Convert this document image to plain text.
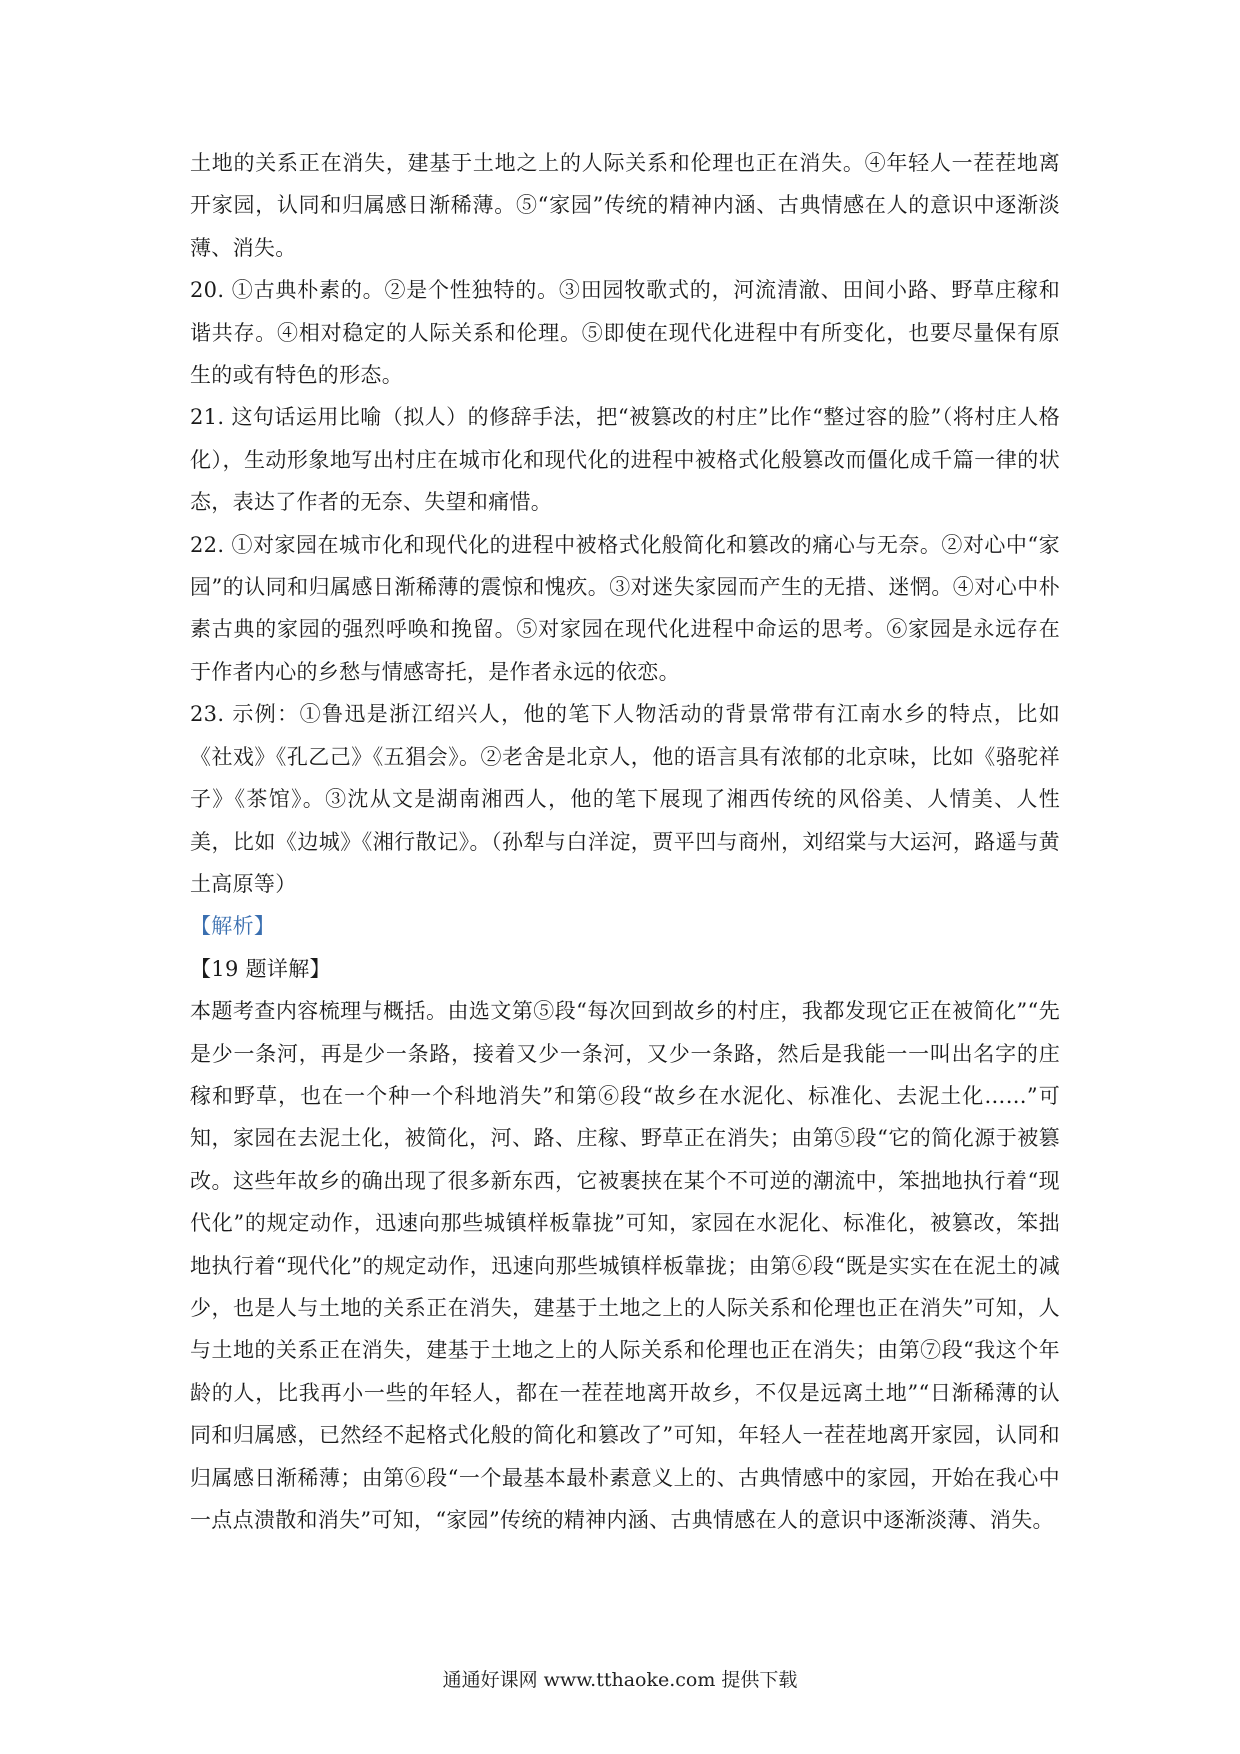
土地的关系正在消失，建基于土地之上的人际关系和伦理也正在消失。④年轻人一茬茬地离开家园，认同和归属感日渐稀薄。⑤“家园”传统的精神内涵、古典情感在人的意识中逐渐淡薄、消失。

20. ①古典朴素的。②是个性独特的。③田园牧歌式的，河流清澈、田间小路、野草庄稼和谐共存。④相对稳定的人际关系和伦理。⑤即使在现代化进程中有所变化，也要尽量保有原生的或有特色的形态。

21. 这句话运用比喻（拟人）的修辞手法，把“被篡改的村庄”比作“整过容的脸”（将村庄人格化），生动形象地写出村庄在城市化和现代化的进程中被格式化般篡改而僵化成千篇一律的状态，表达了作者的无奈、失望和痛惜。

22. ①对家园在城市化和现代化的进程中被格式化般简化和篡改的痛心与无奈。②对心中“家园”的认同和归属感日渐稀薄的震惊和愧疚。③对迷失家园而产生的无措、迷惘。④对心中朴素古典的家园的强烈呼唤和挽留。⑤对家园在现代化进程中命运的思考。⑥家园是永远存在于作者内心的乡愁与情感寄托，是作者永远的依恋。

23. 示例：①鲁迅是浙江绍兴人，他的笔下人物活动的背景常带有江南水乡的特点，比如《社戏》《孔乙己》《五猖会》。②老舍是北京人，他的语言具有浓郁的北京味，比如《骆驼祥子》《茶馆》。③沈从文是湖南湘西人，他的笔下展现了湘西传统的风俗美、人情美、人性美，比如《边城》《湘行散记》。（孙犁与白洋淀，贾平凹与商州，刘绍棠与大运河，路遥与黄土高原等）

【解析】

【19 题详解】

本题考查内容梳理与概括。由选文第⑤段“每次回到故乡的村庄，我都发现它正在被简化”“先是少一条河，再是少一条路，接着又少一条河，又少一条路，然后是我能一一叫出名字的庄稼和野草，也在一个种一个科地消失”和第⑥段“故乡在水泥化、标准化、去泥土化……”可知，家园在去泥土化，被简化，河、路、庄稼、野草正在消失；由第⑤段“它的简化源于被篡改。这些年故乡的确出现了很多新东西，它被裹挟在某个不可逆的潮流中，笨拙地执行着“现代化”的规定动作，迅速向那些城镇样板靠拢”可知，家园在水泥化、标准化，被篡改，笨拙地执行着“现代化”的规定动作，迅速向那些城镇样板靠拢；由第⑥段“既是实实在在泥土的减少，也是人与土地的关系正在消失，建基于土地之上的人际关系和伦理也正在消失”可知，人与土地的关系正在消失，建基于土地之上的人际关系和伦理也正在消失；由第⑦段“我这个年龄的人，比我再小一些的年轻人，都在一茬茬地离开故乡，不仅是远离土地”“日渐稀薄的认同和归属感，已然经不起格式化般的简化和篡改了”可知，年轻人一茬茬地离开家园，认同和归属感日渐稀薄；由第⑥段“一个最基本最朴素意义上的、古典情感中的家园，开始在我心中一点点溃散和消失”可知，“家园”传统的精神内涵、古典情感在人的意识中逐渐淡薄、消失。

通通好课网 www.tthaoke.com 提供下载
